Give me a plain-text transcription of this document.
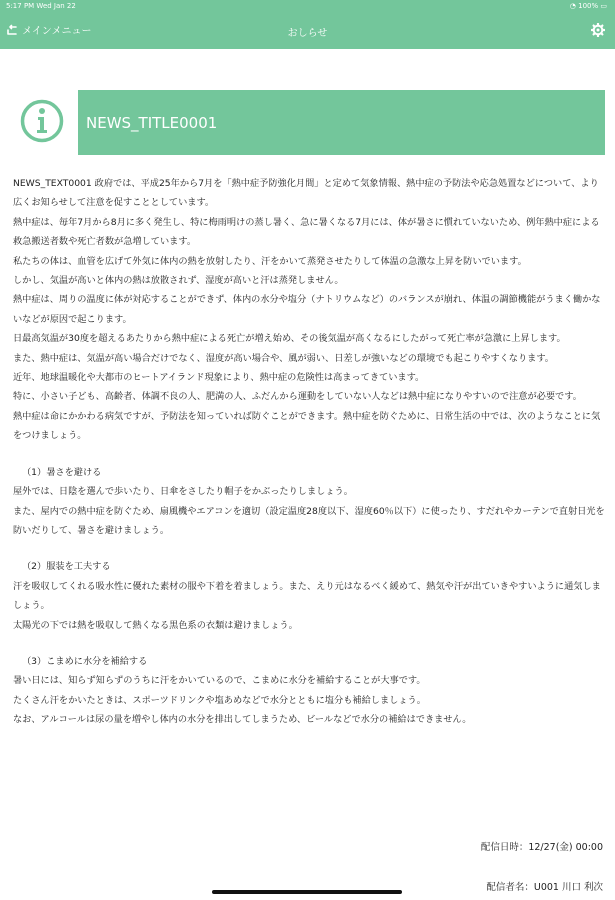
5:17 PM Wed Jan 22	◔ 100% ▭
メインメニュー	おしらせ
NEWS_TITLE0001

NEWS_TEXT0001 政府では、平成25年から7月を「熱中症予防強化月間」と定めて気象情報、熱中症の予防法や応急処置などについて、より広くお知らせして注意を促すこととしています。

熱中症は、毎年7月から8月に多く発生し、特に梅雨明けの蒸し暑く、急に暑くなる7月には、体が暑さに慣れていないため、例年熱中症による救急搬送者数や死亡者数が急増しています。

私たちの体は、血管を広げて外気に体内の熱を放射したり、汗をかいて蒸発させたりして体温の急激な上昇を防いでいます。

しかし、気温が高いと体内の熱は放散されず、湿度が高いと汗は蒸発しません。

熱中症は、周りの温度に体が対応することができず、体内の水分や塩分（ナトリウムなど）のバランスが崩れ、体温の調節機能がうまく働かないなどが原因で起こります。

日最高気温が30度を超えるあたりから熱中症による死亡が増え始め、その後気温が高くなるにしたがって死亡率が急激に上昇します。

また、熱中症は、気温が高い場合だけでなく、湿度が高い場合や、風が弱い、日差しが強いなどの環境でも起こりやすくなります。

近年、地球温暖化や大都市のヒートアイランド現象により、熱中症の危険性は高まってきています。

特に、小さい子ども、高齢者、体調不良の人、肥満の人、ふだんから運動をしていない人などは熱中症になりやすいので注意が必要です。

熱中症は命にかかわる病気ですが、予防法を知っていれば防ぐことができます。熱中症を防ぐために、日常生活の中では、次のようなことに気をつけましょう。

（1）暑さを避ける

屋外では、日陰を選んで歩いたり、日傘をさしたり帽子をかぶったりしましょう。

また、屋内での熱中症を防ぐため、扇風機やエアコンを適切（設定温度28度以下、湿度60％以下）に使ったり、すだれやカーテンで直射日光を防いだりして、暑さを避けましょう。

（2）服装を工夫する

汗を吸収してくれる吸水性に優れた素材の服や下着を着ましょう。また、えり元はなるべく緩めて、熱気や汗が出ていきやすいように通気しましょう。

太陽光の下では熱を吸収して熱くなる黒色系の衣類は避けましょう。

（3）こまめに水分を補給する

暑い日には、知らず知らずのうちに汗をかいているので、こまめに水分を補給することが大事です。

たくさん汗をかいたときは、スポーツドリンクや塩あめなどで水分とともに塩分も補給しましょう。

なお、アルコールは尿の量を増やし体内の水分を排出してしまうため、ビールなどで水分の補給はできません。

配信日時：12/27(金) 00:00
配信者名：U001 川口 利次
